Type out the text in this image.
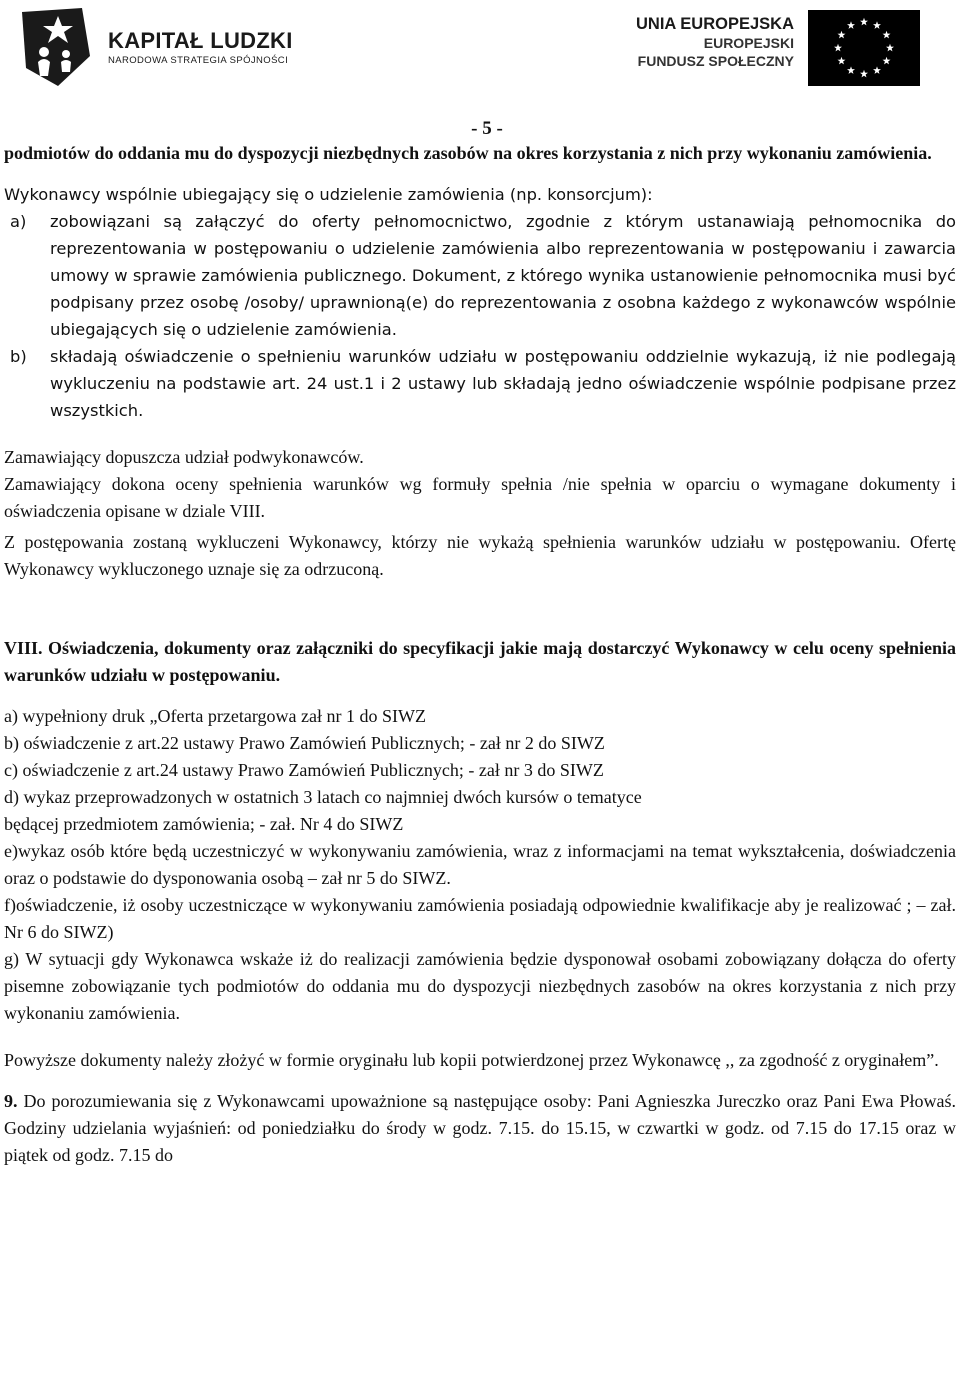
KAPITAŁ LUDZKI
NARODOWA STRATEGIA SPÓJNOŚCI
UNIA EUROPEJSKA
EUROPEJSKI
FUNDUSZ SPOŁECZNY
- 5 -

podmiotów do oddania mu do dyspozycji niezbędnych zasobów na okres korzystania z nich przy wykonaniu zamówienia.

Wykonawcy wspólnie ubiegający się o udzielenie zamówienia (np. konsorcjum):

a)	zobowiązani są załączyć do oferty pełnomocnictwo, zgodnie z którym ustanawiają pełnomocnika do reprezentowania w postępowaniu o udzielenie zamówienia albo reprezentowania w postępowaniu i zawarcia umowy w sprawie zamówienia publicznego. Dokument, z którego wynika ustanowienie pełnomocnika musi być podpisany przez osobę /osoby/ uprawnioną(e) do reprezentowania z osobna każdego z wykonawców wspólnie ubiegających się o udzielenie zamówienia.
b)	składają oświadczenie o spełnieniu warunków udziału w postępowaniu oddzielnie wykazują, iż nie podlegają wykluczeniu na podstawie art. 24 ust.1 i 2 ustawy lub składają jedno oświadczenie wspólnie podpisane przez wszystkich.

Zamawiający dopuszcza udział podwykonawców.

Zamawiający dokona oceny spełnienia warunków wg formuły spełnia /nie spełnia w oparciu o wymagane dokumenty i oświadczenia opisane w dziale VIII.

Z postępowania zostaną wykluczeni Wykonawcy, którzy nie wykażą spełnienia warunków udziału w postępowaniu. Ofertę Wykonawcy wykluczonego uznaje się za odrzuconą.

VIII. Oświadczenia, dokumenty oraz załączniki do specyfikacji jakie mają dostarczyć Wykonawcy w celu oceny spełnienia warunków udziału w postępowaniu.

a) wypełniony druk „Oferta przetargowa zał nr 1 do SIWZ

b) oświadczenie z art.22 ustawy Prawo Zamówień Publicznych; - zał nr 2 do SIWZ

c) oświadczenie z art.24 ustawy Prawo Zamówień Publicznych; - zał nr 3 do SIWZ

d) wykaz przeprowadzonych w ostatnich 3 latach co najmniej dwóch kursów o tematyce

będącej przedmiotem zamówienia; - zał. Nr 4 do SIWZ

e)wykaz osób które będą uczestniczyć w wykonywaniu zamówienia, wraz z informacjami na temat wykształcenia, doświadczenia oraz o podstawie do dysponowania osobą – zał nr 5 do SIWZ.

f)oświadczenie, iż osoby uczestniczące w wykonywaniu zamówienia posiadają odpowiednie kwalifikacje aby je realizować ; – zał. Nr 6 do SIWZ)

g) W sytuacji gdy Wykonawca wskaże iż do realizacji zamówienia będzie dysponował osobami zobowiązany dołącza do oferty pisemne zobowiązanie tych podmiotów do oddania mu do dyspozycji niezbędnych zasobów na okres korzystania z nich przy wykonaniu zamówienia.

Powyższe dokumenty należy złożyć w formie oryginału lub kopii potwierdzonej przez Wykonawcę ,, za zgodność z oryginałem”.

9. Do porozumiewania się z Wykonawcami upoważnione są następujące osoby: Pani Agnieszka Jureczko oraz Pani Ewa Płowaś. Godziny udzielania wyjaśnień: od poniedziałku do środy w godz. 7.15. do 15.15, w czwartki w godz. od 7.15 do 17.15 oraz w piątek od godz. 7.15 do
